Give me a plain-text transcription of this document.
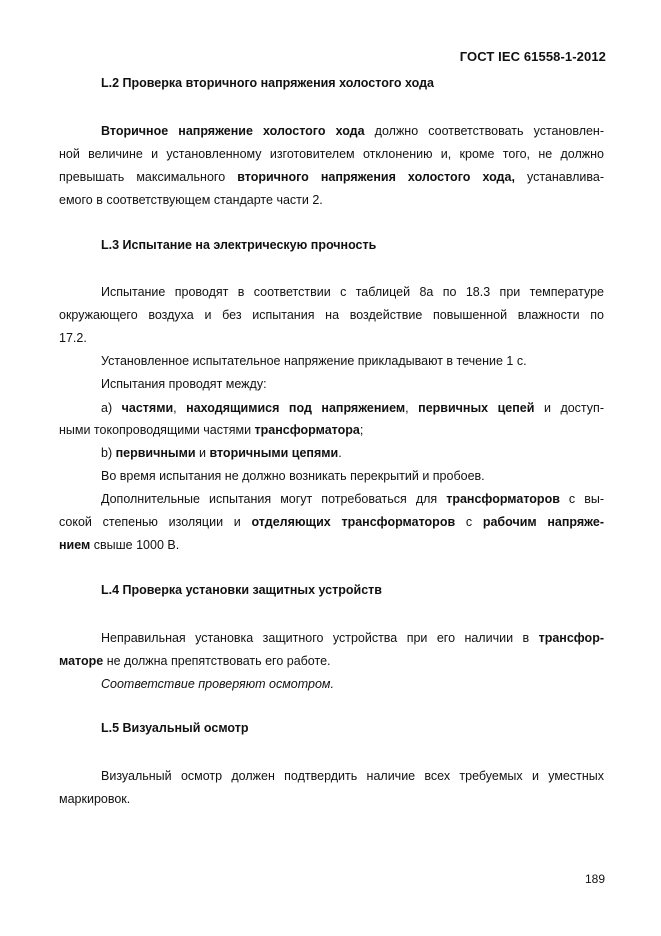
ГОСТ IEC 61558-1-2012
L.2 Проверка вторичного напряжения холостого хода
Вторичное напряжение холостого хода должно соответствовать установлен-
ной величине и установленному изготовителем отклонению и, кроме того, не должно
превышать максимального вторичного напряжения холостого хода, устанавлива-
емого в соответствующем стандарте части 2.
L.3 Испытание на электрическую прочность
Испытание проводят в соответствии с таблицей 8а по 18.3 при температуре
окружающего воздуха и без испытания на воздействие повышенной влажности по
17.2.
Установленное испытательное напряжение прикладывают в течение 1 с.
Испытания проводят между:
a) частями, находящимися под напряжением, первичных цепей и доступ-
ными токопроводящими частями трансформатора;
b) первичными и вторичными цепями.
Во время испытания не должно возникать перекрытий и пробоев.
Дополнительные испытания могут потребоваться для трансформаторов с вы-
сокой степенью изоляции и отделяющих трансформаторов с рабочим напряже-
нием свыше 1000 В.
L.4 Проверка установки защитных устройств
Неправильная установка защитного устройства при его наличии в трансфор-
маторе не должна препятствовать его работе.
Соответствие проверяют осмотром.
L.5 Визуальный осмотр
Визуальный осмотр должен подтвердить наличие всех требуемых и уместных
маркировок.
189
